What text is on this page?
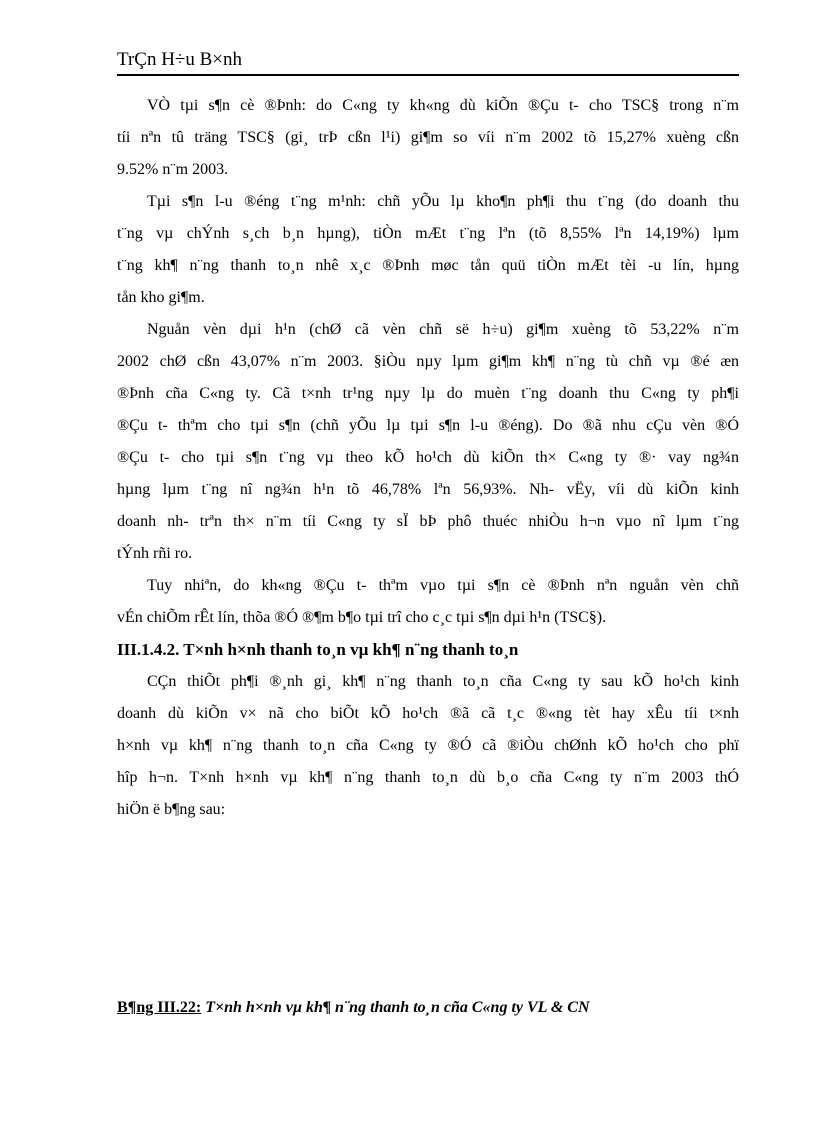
TrÇn H÷u B×nh
VÒ tµi s¶n cè ®Þnh: do C«ng ty kh«ng dù kiÕn ®Çu t- cho TSC§ trong n¨m
tíi nªn tû träng TSC§ (gi¸ trÞ cßn l¹i) gi¶m so víi n¨m 2002 tõ 15,27% xuèng cßn
9.52% n¨m 2003.
Tµi s¶n l-u ®éng t¨ng m¹nh: chñ yÕu lµ kho¶n ph¶i thu t¨ng (do doanh thu
t¨ng vµ chÝnh s¸ch b¸n hµng), tiÒn mÆt t¨ng lªn (tõ 8,55% lªn 14,19%) lµm
t¨ng kh¶ n¨ng thanh to¸n nhê x¸c ®Þnh møc tån quü tiÒn mÆt tèi -u lín, hµng
tån kho gi¶m.
Nguån vèn dµi h¹n (chØ cã vèn chñ së h÷u) gi¶m xuèng tõ 53,22% n¨m
2002 chØ cßn 43,07% n¨m 2003. §iÒu nµy lµm gi¶m kh¶ n¨ng tù chñ vµ ®é æn
®Þnh cña C«ng ty. Cã t×nh tr¹ng nµy lµ do muèn t¨ng doanh thu C«ng ty ph¶i
®Çu t- thªm cho tµi s¶n (chñ yÕu lµ tµi s¶n l-u ®éng). Do ®ã nhu cÇu vèn ®Ó
®Çu t- cho tµi s¶n t¨ng vµ theo kÕ ho¹ch dù kiÕn th× C«ng ty ®· vay ng¾n
hµng lµm t¨ng nî ng¾n h¹n tõ 46,78% lªn 56,93%. Nh- vËy, víi dù kiÕn kinh
doanh nh- trªn th× n¨m tíi C«ng ty sÏ bÞ phô thuéc nhiÒu h¬n vµo nî lµm t¨ng
tÝnh rñi ro.
Tuy nhiªn, do kh«ng ®Çu t- thªm vµo tµi s¶n cè ®Þnh nªn nguån vèn chñ
vÉn chiÕm rÊt lín, thõa ®Ó ®¶m b¶o tµi trî cho c¸c tµi s¶n dµi h¹n (TSC§).
III.1.4.2. T×nh h×nh thanh to¸n vµ kh¶ n¨ng thanh to¸n
CÇn thiÕt ph¶i ®¸nh gi¸ kh¶ n¨ng thanh to¸n cña C«ng ty sau kÕ ho¹ch kinh
doanh dù kiÕn v× nã cho biÕt kÕ ho¹ch ®ã cã t¸c ®«ng tèt hay xÊu tíi t×nh
h×nh vµ kh¶ n¨ng thanh to¸n cña C«ng ty ®Ó cã ®iÒu chØnh kÕ ho¹ch cho phï
hîp h¬n. T×nh h×nh vµ kh¶ n¨ng thanh to¸n dù b¸o cña C«ng ty n¨m 2003 thÓ
hiÖn ë b¶ng sau:
B¶ng III.22: T×nh h×nh vµ kh¶ n¨ng thanh to¸n cña C«ng ty VL & CN
